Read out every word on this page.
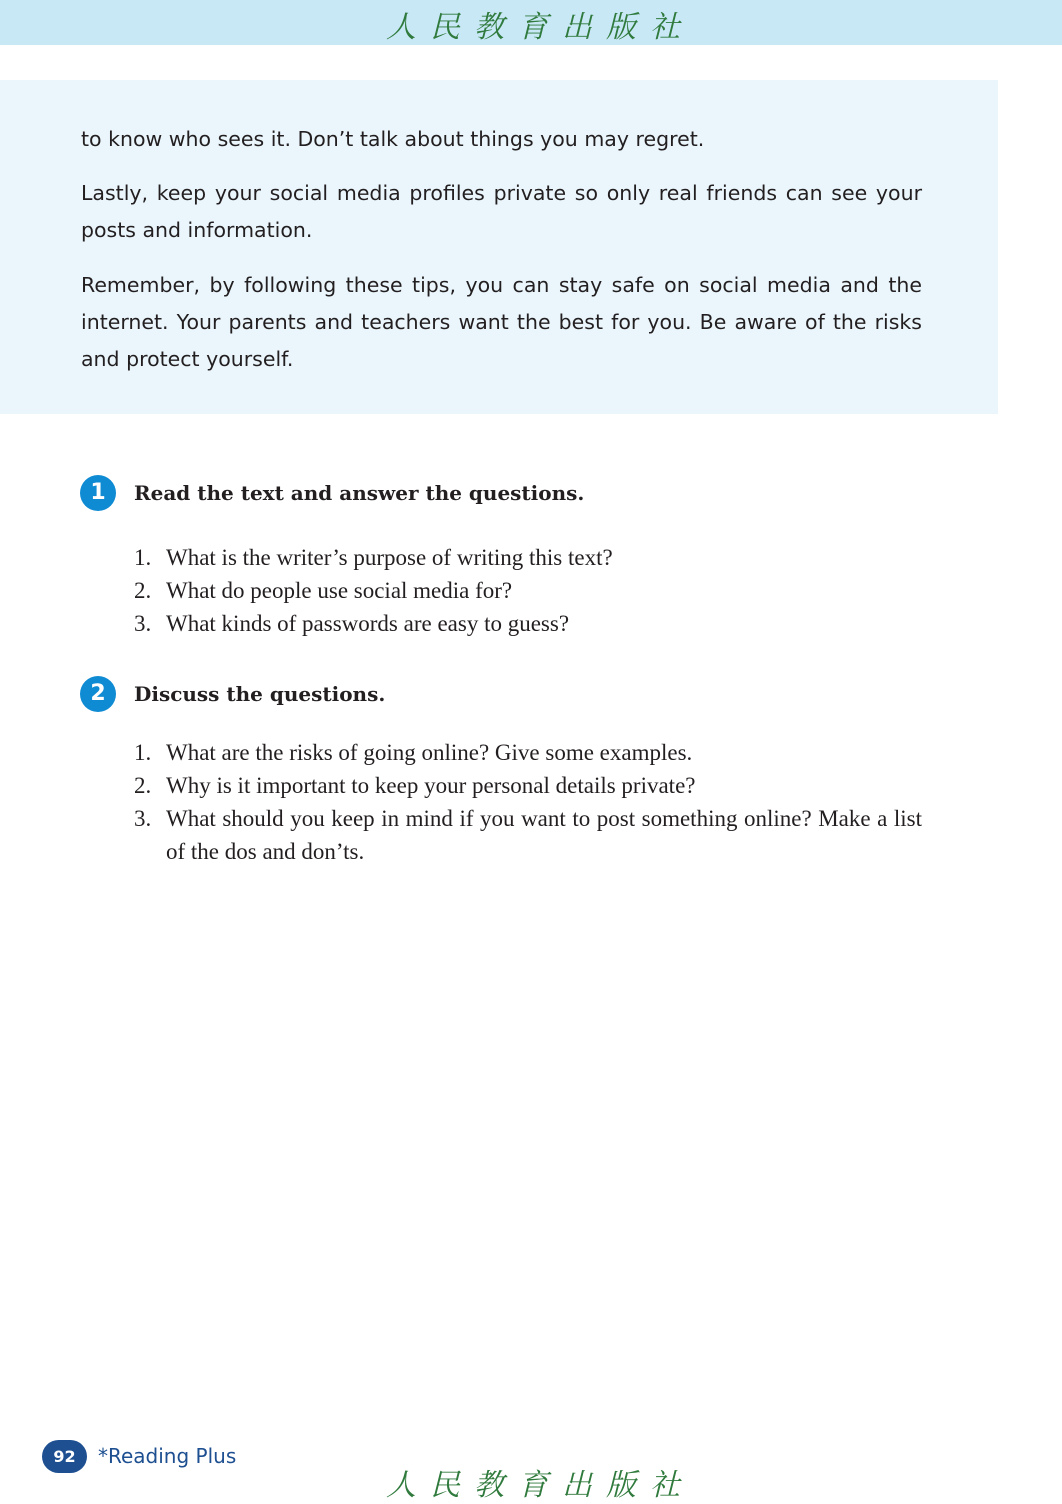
人民教育出版社

to know who sees it. Don’t talk about things you may regret.

Lastly, keep your social media profiles private so only real friends can see your posts and information.

Remember, by following these tips, you can stay safe on social media and the internet. Your parents and teachers want the best for you. Be aware of the risks and protect yourself.

1	Read the text and answer the questions.
1. What is the writer’s purpose of writing this text?
2. What do people use social media for?
3. What kinds of passwords are easy to guess?
2	Discuss the questions.
1. What are the risks of going online? Give some examples.
2. Why is it important to keep your personal details private?
3. What should you keep in mind if you want to post something online? Make a list of the dos and don’ts.
92	*Reading Plus
人民教育出版社
